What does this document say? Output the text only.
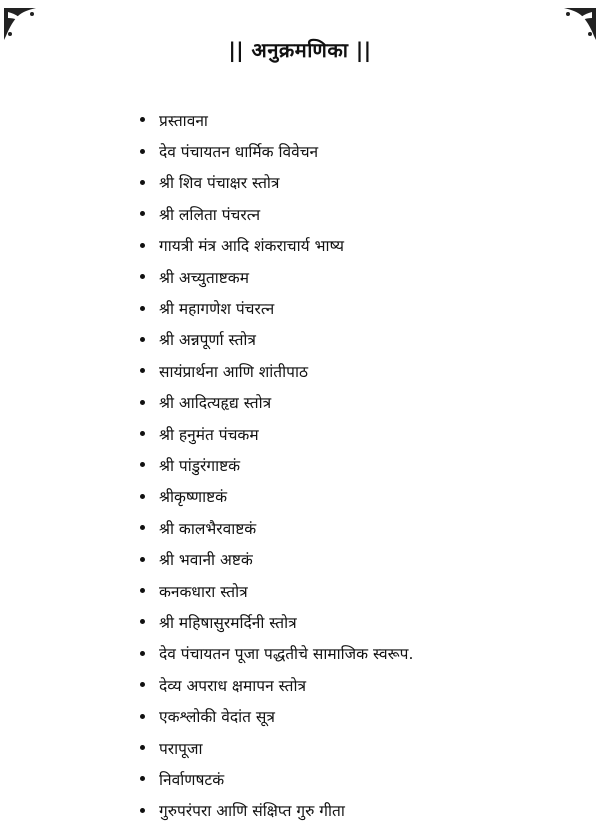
|| अनुक्रमणिका ||
प्रस्तावना
देव पंचायतन धार्मिक विवेचन
श्री शिव पंचाक्षर स्तोत्र
श्री ललिता पंचरत्न
गायत्री मंत्र आदि शंकराचार्य भाष्य
श्री अच्युताष्टकम
श्री महागणेश पंचरत्न
श्री अन्नपूर्णा स्तोत्र
सायंप्रार्थना आणि शांतीपाठ
श्री आदित्यहृद्य स्तोत्र
श्री हनुमंत पंचकम
श्री पांडुरंगाष्टकं
श्रीकृष्णाष्टकं
श्री कालभैरवाष्टकं
श्री भवानी अष्टकं
कनकधारा स्तोत्र
श्री महिषासुरमर्दिनी स्तोत्र
देव पंचायतन पूजा पद्धतीचे सामाजिक स्वरूप.
देव्य अपराध क्षमापन स्तोत्र
एकश्लोकी वेदांत सूत्र
परापूजा
निर्वाणषटकं
गुरुपरंपरा आणि संक्षिप्त गुरु गीता
